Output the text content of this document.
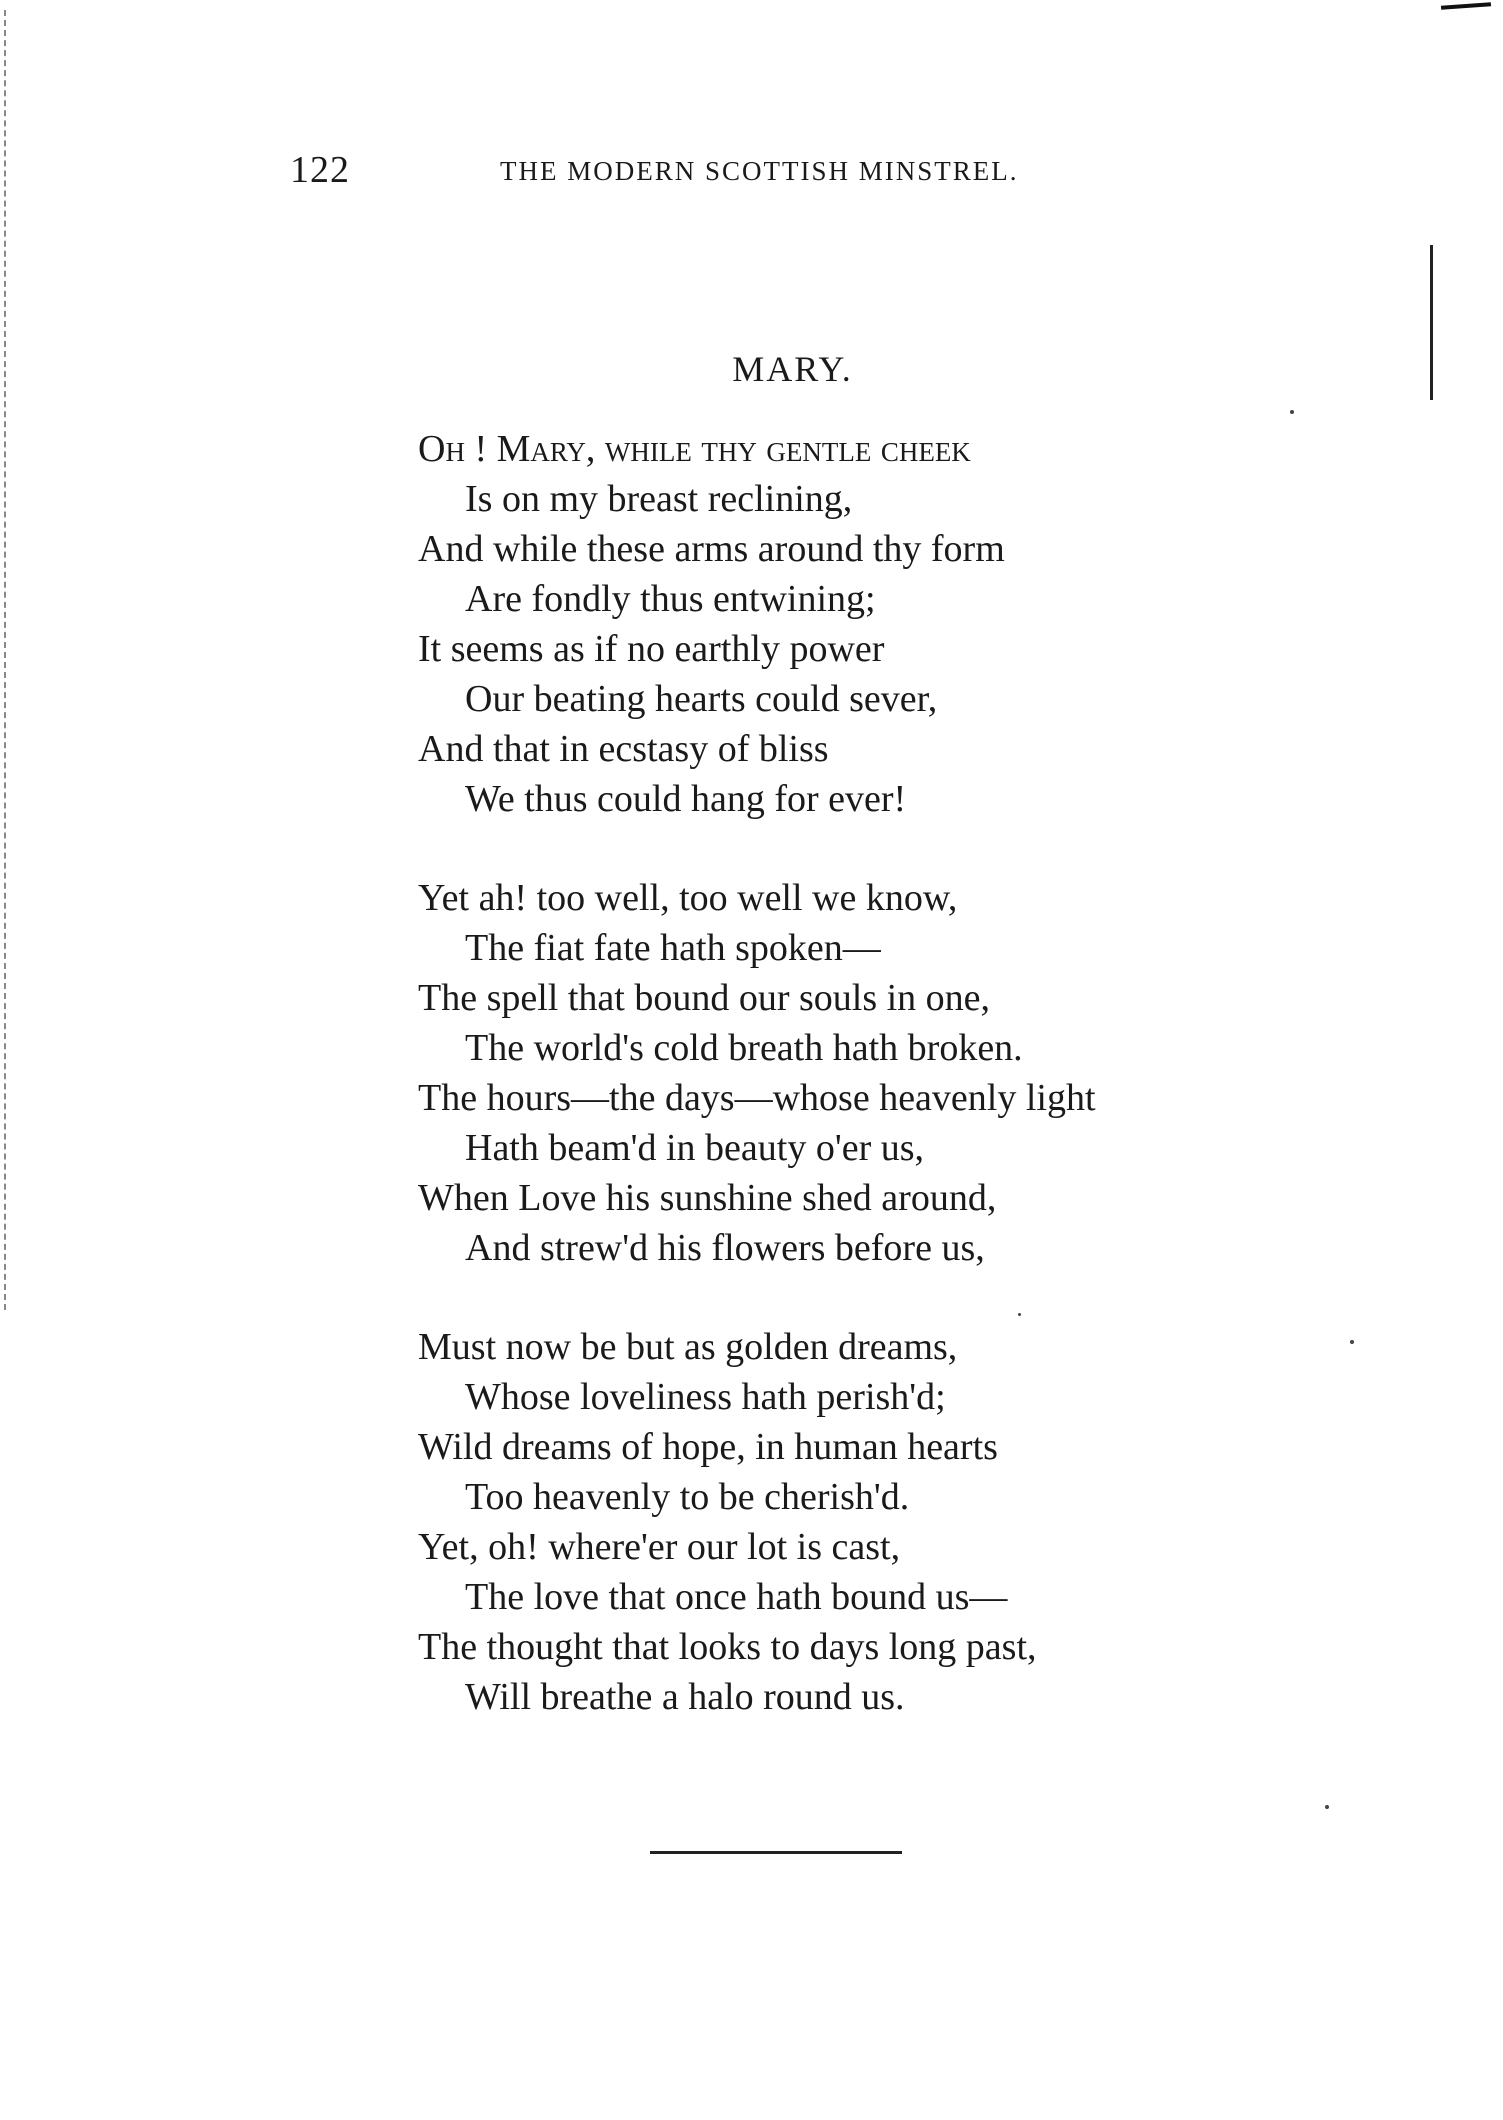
122	THE MODERN SCOTTISH MINSTREL.
MARY.
Oh ! Mary, while thy gentle cheek
Is on my breast reclining,
And while these arms around thy form
Are fondly thus entwining;
It seems as if no earthly power
Our beating hearts could sever,
And that in ecstasy of bliss
We thus could hang for ever!
Yet ah! too well, too well we know,
The fiat fate hath spoken—
The spell that bound our souls in one,
The world's cold breath hath broken.
The hours—the days—whose heavenly light
Hath beam'd in beauty o'er us,
When Love his sunshine shed around,
And strew'd his flowers before us,
Must now be but as golden dreams,
Whose loveliness hath perish'd;
Wild dreams of hope, in human hearts
Too heavenly to be cherish'd.
Yet, oh! where'er our lot is cast,
The love that once hath bound us—
The thought that looks to days long past,
Will breathe a halo round us.
